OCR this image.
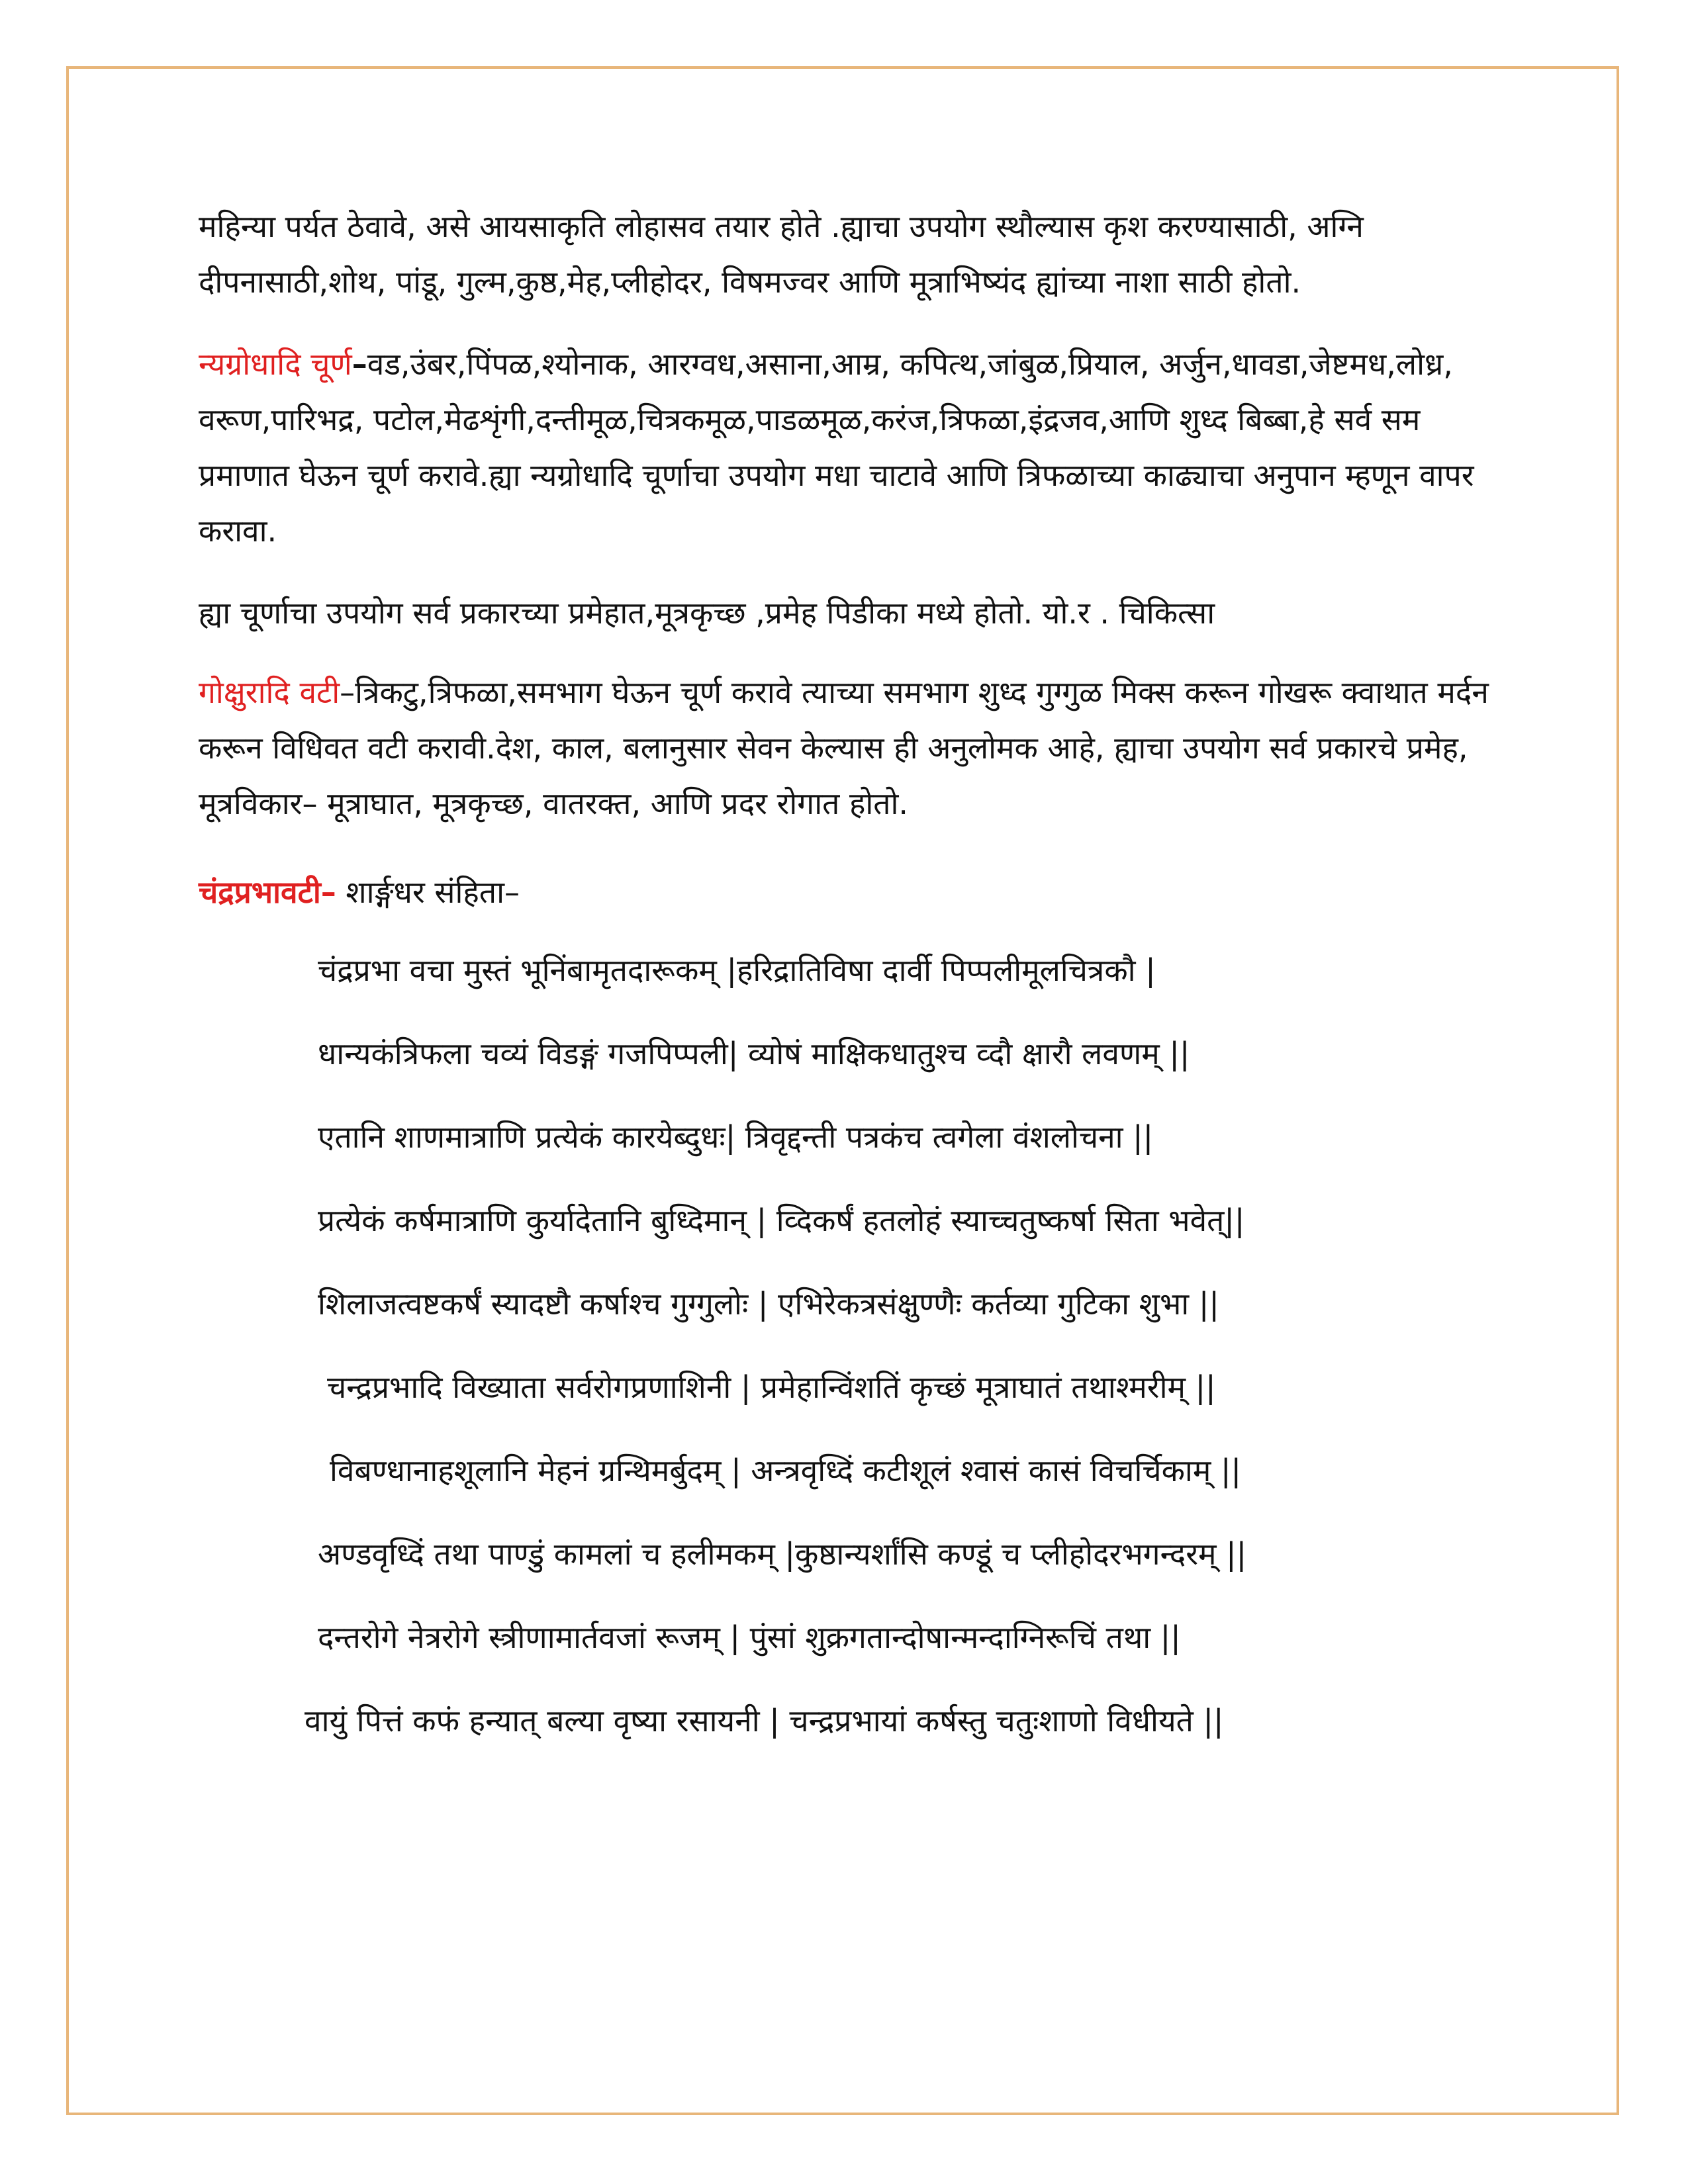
महिन्या पर्यत ठेवावे, असे आयसाकृति लोहासव तयार होते .ह्याचा उपयोग स्थौल्यास कृश करण्यासाठी, अग्नि दीपनासाठी,शोथ, पांडू, गुल्म,कुष्ठ,मेह,प्लीहोदर, विषमज्वर आणि मूत्राभिष्यंद ह्यांच्या नाशा साठी होतो.

न्यग्रोधादि चूर्ण–वड,उंबर,पिंपळ,श्योनाक, आरग्वध,असाना,आम्र, कपित्थ,जांबुळ,प्रियाल, अर्जुन,धावडा,जेष्टमध,लोध्र, वरूण,पारिभद्र, पटोल,मेढशृंगी,दन्तीमूळ,चित्रकमूळ,पाडळमूळ,करंज,त्रिफळा,इंद्रजव,आणि शुध्द बिब्बा,हे सर्व सम प्रमाणात घेऊन चूर्ण करावे.ह्या न्यग्रोधादि चूर्णाचा उपयोग मधा चाटावे आणि त्रिफळाच्या काढ्याचा अनुपान म्हणून वापर करावा.

ह्या चूर्णाचा उपयोग सर्व प्रकारच्या प्रमेहात,मूत्रकृच्छ ,प्रमेह पिडीका मध्ये होतो. यो.र . चिकित्सा

गोक्षुरादि वटी–त्रिकटु,त्रिफळा,समभाग घेऊन चूर्ण करावे त्याच्या समभाग शुध्द गुग्गुळ मिक्स करून गोखरू क्वाथात मर्दन करून विधिवत वटी करावी.देश, काल, बलानुसार सेवन केल्यास ही अनुलोमक आहे, ह्याचा उपयोग सर्व प्रकारचे प्रमेह, मूत्रविकार– मूत्राघात, मूत्रकृच्छ, वातरक्त, आणि प्रदर रोगात होतो.

चंद्रप्रभावटी– शार्ङ्गधर संहिता–

चंद्रप्रभा वचा मुस्तं भूनिंबामृतदारूकम् |हरिद्रातिविषा दार्वी पिप्पलीमूलचित्रकौ |
धान्यकंत्रिफला चव्यं विडङ्गं गजपिप्पली| व्योषं माक्षिकधातुश्च व्दौ क्षारौ लवणम् ||
एतानि शाणमात्राणि प्रत्येकं कारयेब्दुधः| त्रिवृद्दन्ती पत्रकंच त्वगेला वंशलोचना ||
प्रत्येकं कर्षमात्राणि कुर्यादेतानि बुध्दिमान् | व्दिकर्षं हतलोहं स्याच्चतुष्कर्षा सिता भवेत्||
शिलाजत्वष्टकर्षं स्यादष्टौ कर्षाश्च गुग्गुलोः | एभिरेकत्रसंक्षुण्णैः कर्तव्या गुटिका शुभा ||
चन्द्रप्रभादि विख्याता सर्वरोगप्रणाशिनी | प्रमेहान्विंशतिं कृच्छं मूत्राघातं तथाश्मरीम् ||
विबण्धानाहशूलानि मेहनं ग्रन्थिमर्बुदम् | अन्त्रवृध्दिं कटीशूलं श्वासं कासं विचर्चिकाम् ||
अण्डवृध्दिं तथा पाण्डुं कामलां च हलीमकम् |कुष्ठान्यर्शांसि कण्डूं च प्लीहोदरभगन्दरम् ||
दन्तरोगे नेत्ररोगे स्त्रीणामार्तवजां रूजम् | पुंसां शुक्रगतान्दोषान्मन्दाग्निरूचिं तथा ||
वायुं पित्तं कफं हन्यात् बल्या वृष्या रसायनी | चन्द्रप्रभायां कर्षस्तु चतुःशाणो विधीयते ||
